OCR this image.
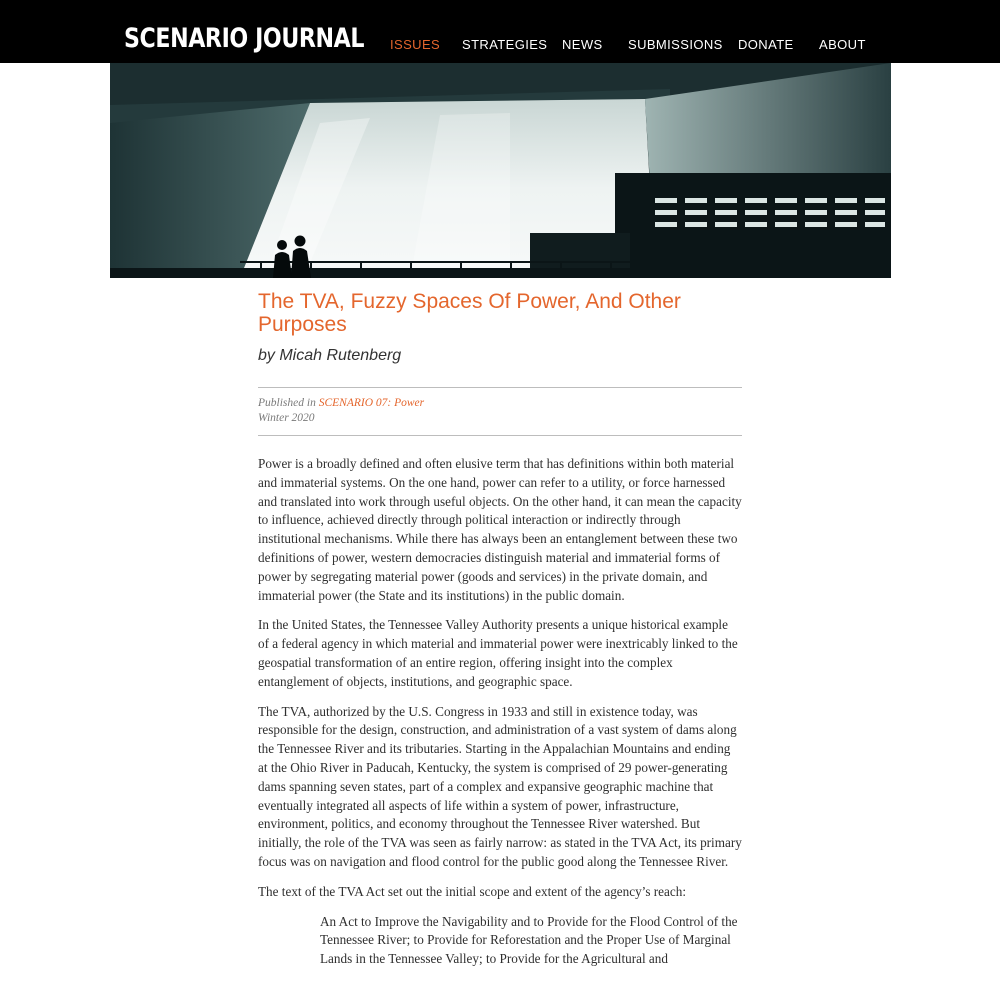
SCENARIO JOURNAL ISSUES STRATEGIES NEWS SUBMISSIONS DONATE ABOUT
The TVA, Fuzzy Spaces Of Power, And Other Purposes
by Micah Rutenberg
Published in SCENARIO 07: Power
Winter 2020

Power is a broadly defined and often elusive term that has definitions within both material and immaterial systems. On the one hand, power can refer to a utility, or force harnessed and translated into work through useful objects. On the other hand, it can mean the capacity to influence, achieved directly through political interaction or indirectly through institutional mechanisms. While there has always been an entanglement between these two definitions of power, western democracies distinguish material and immaterial forms of power by segregating material power (goods and services) in the private domain, and immaterial power (the State and its institutions) in the public domain.

In the United States, the Tennessee Valley Authority presents a unique historical example of a federal agency in which material and immaterial power were inextricably linked to the geospatial transformation of an entire region, offering insight into the complex entanglement of objects, institutions, and geographic space.

The TVA, authorized by the U.S. Congress in 1933 and still in existence today, was responsible for the design, construction, and administration of a vast system of dams along the Tennessee River and its tributaries. Starting in the Appalachian Mountains and ending at the Ohio River in Paducah, Kentucky, the system is comprised of 29 power-generating dams spanning seven states, part of a complex and expansive geographic machine that eventually integrated all aspects of life within a system of power, infrastructure, environment, politics, and economy throughout the Tennessee River watershed. But initially, the role of the TVA was seen as fairly narrow: as stated in the TVA Act, its primary focus was on navigation and flood control for the public good along the Tennessee River.

The text of the TVA Act set out the initial scope and extent of the agency’s reach:

An Act to Improve the Navigability and to Provide for the Flood Control of the Tennessee River; to Provide for Reforestation and the Proper Use of Marginal Lands in the Tennessee Valley; to Provide for the Agricultural and
